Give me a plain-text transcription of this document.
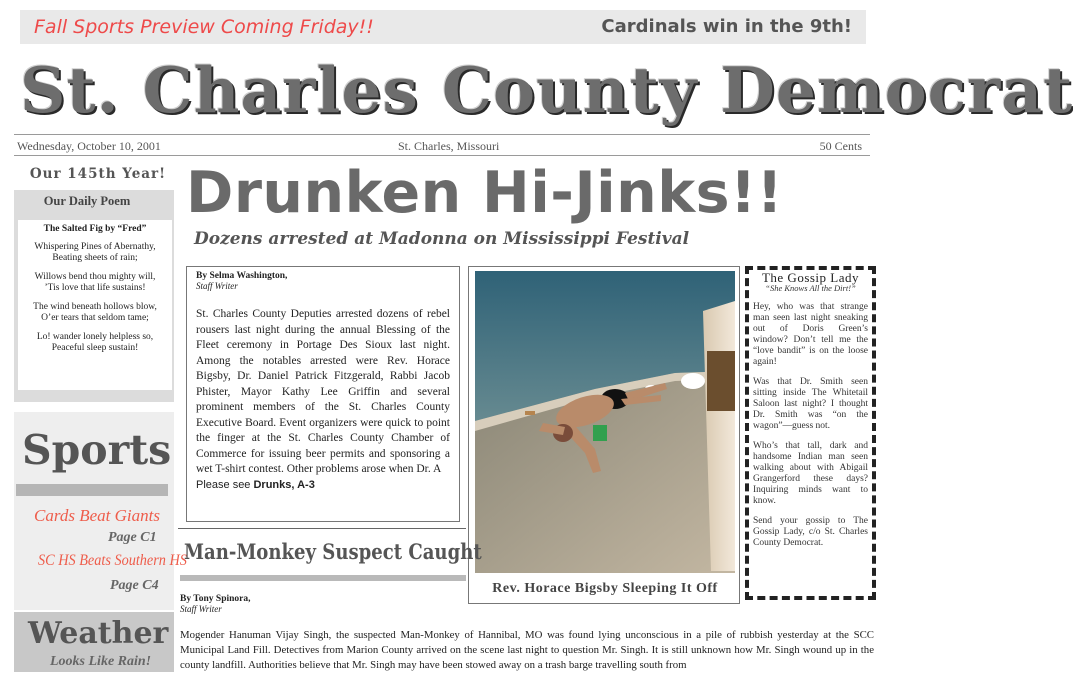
Fall Sports Preview Coming Friday!!	Cardinals win in the 9th!
St. Charles County Democrat
Wednesday, October 10, 2001	St. Charles, Missouri	50 Cents
Our 145th Year!
Our Daily Poem
The Salted Fig by “Fred”
Whispering Pines of Abernathy,
Beating sheets of rain;
Willows bend thou mighty will,
’Tis love that life sustains!
The wind beneath hollows blow,
O’er tears that seldom tame;
Lo! wander lonely helpless so,
Peaceful sleep sustain!
Sports
Cards Beat Giants
Page C1
SC HS Beats Southern HS
Page C4
Weather
Looks Like Rain!
Drunken Hi-Jinks!!
Dozens arrested at Madonna on Mississippi Festival
By Selma Washington,
Staff Writer
St. Charles County Deputies arrested dozens of rebel rousers last night during the annual Blessing of the Fleet ceremony in Portage Des Sioux last night. Among the notables arrested were Rev. Horace Bigsby, Dr. Daniel Patrick Fitzgerald, Rabbi Jacob Phister, Mayor Kathy Lee Griffin and several prominent members of the St. Charles County Executive Board. Event organizers were quick to point the finger at the St. Charles County Chamber of Commerce for issuing beer permits and sponsoring a wet T-shirt contest. Other problems arose when Dr. A
Please see Drunks, A-3
Rev. Horace Bigsby Sleeping It Off
The Gossip Lady
“She Knows All the Dirt!”

Hey, who was that strange man seen last night sneaking out of Doris Green’s window? Don’t tell me the “love bandit” is on the loose again!

Was that Dr. Smith seen sitting inside The Whitetail Saloon last night? I thought Dr. Smith was “on the wagon”—guess not.

Who’s that tall, dark and handsome Indian man seen walking about with Abigail Grangerford these days? Inquiring minds want to know.

Send your gossip to The Gossip Lady, c/o St. Charles County Democrat.

Man-Monkey Suspect Caught
By Tony Spinora,
Staff Writer
Mogender Hanuman Vijay Singh, the suspected Man-Monkey of Hannibal, MO was found lying unconscious in a pile of rubbish yesterday at the SCC Municipal Land Fill. Detectives from Marion County arrived on the scene last night to question Mr. Singh. It is still unknown how Mr. Singh wound up in the county landfill. Authorities believe that Mr. Singh may have been stowed away on a trash barge travelling south from
